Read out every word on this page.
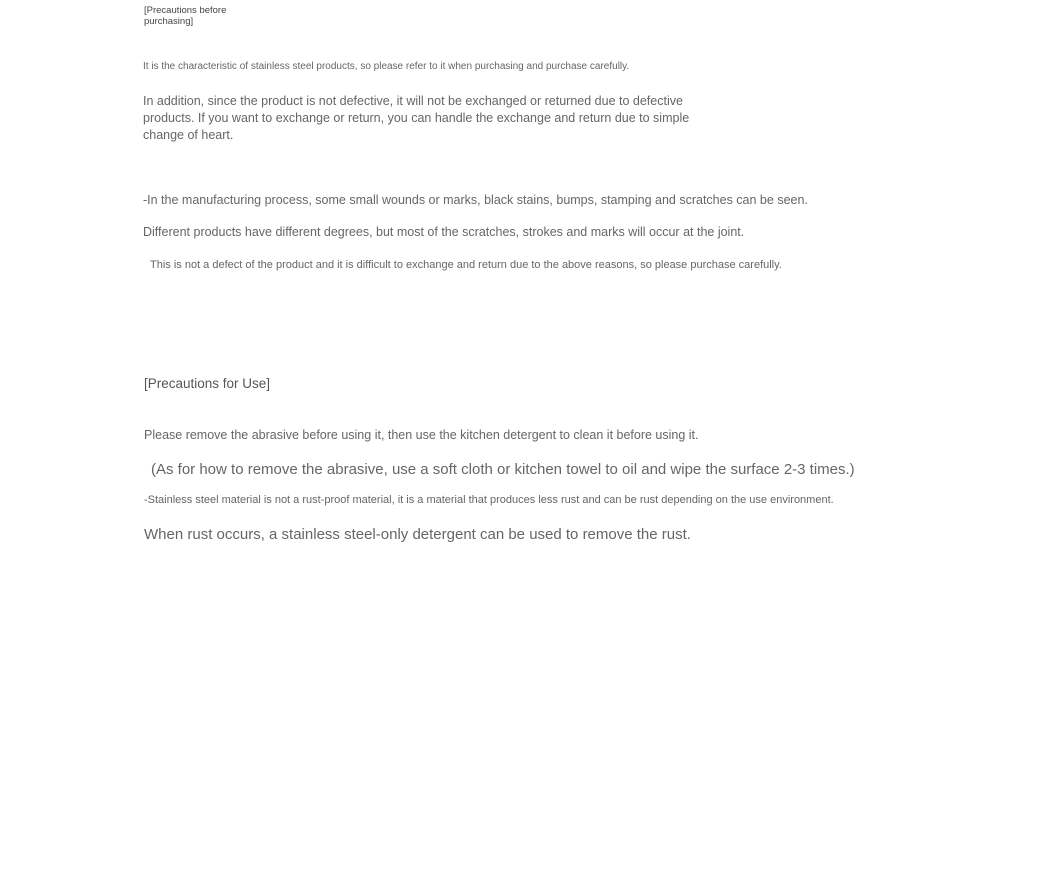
[Precautions before purchasing]

It is the characteristic of stainless steel products, so please refer to it when purchasing and purchase carefully.

In addition, since the product is not defective, it will not be exchanged or returned due to defective products. If you want to exchange or return, you can handle the exchange and return due to simple change of heart.

-In the manufacturing process, some small wounds or marks, black stains, bumps, stamping and scratches can be seen.

Different products have different degrees, but most of the scratches, strokes and marks will occur at the joint.

This is not a defect of the product and it is difficult to exchange and return due to the above reasons, so please purchase carefully.

[Precautions for Use]

Please remove the abrasive before using it, then use the kitchen detergent to clean it before using it.

(As for how to remove the abrasive, use a soft cloth or kitchen towel to oil and wipe the surface 2-3 times.)

-Stainless steel material is not a rust-proof material, it is a material that produces less rust and can be rust depending on the use environment.

When rust occurs, a stainless steel-only detergent can be used to remove the rust.
